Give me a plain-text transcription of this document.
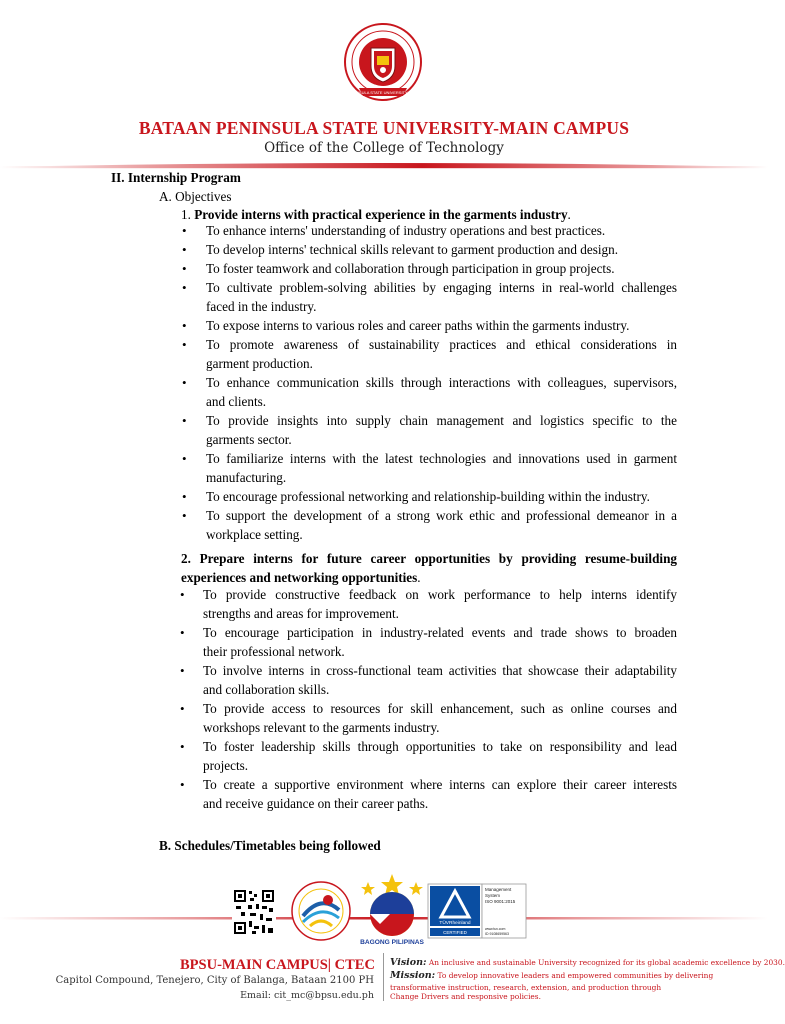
BATAAN PENINSULA STATE UNIVERSITY · PHILIPPINES
BATAAN PENINSULA STATE UNIVERSITY-MAIN CAMPUS
Office of the College of Technology
II. Internship Program
A. Objectives
1. Provide interns with practical experience in the garments industry.
• To enhance interns' understanding of industry operations and best practices.
• To develop interns' technical skills relevant to garment production and design.
• To foster teamwork and collaboration through participation in group projects.
• To cultivate problem-solving abilities by engaging interns in real-world challenges
faced in the industry.
• To expose interns to various roles and career paths within the garments industry.
• To promote awareness of sustainability practices and ethical considerations in
garment production.
• To enhance communication skills through interactions with colleagues, supervisors,
and clients.
• To provide insights into supply chain management and logistics specific to the
garments sector.
• To familiarize interns with the latest technologies and innovations used in garment
manufacturing.
• To encourage professional networking and relationship-building within the industry.
• To support the development of a strong work ethic and professional demeanor in a
workplace setting.
2. Prepare interns for future career opportunities by providing resume-building
experiences and networking opportunities.
• To provide constructive feedback on work performance to help interns identify
strengths and areas for improvement.
• To encourage participation in industry-related events and trade shows to broaden
their professional network.
• To involve interns in cross-functional team activities that showcase their adaptability
and collaboration skills.
• To provide access to resources for skill enhancement, such as online courses and
workshops relevant to the garments industry.
• To foster leadership skills through opportunities to take on responsibility and lead
projects.
• To create a supportive environment where interns can explore their career interests
and receive guidance on their career paths.
B. Schedules/Timetables being followed
BAGONG PILIPINAS
TÜVRheinland
CERTIFIED
Management
System
ISO 9001:2015
www.tuv.com
ID 9108659563
BPSU-MAIN CAMPUS| CTEC
Capitol Compound, Tenejero, City of Balanga, Bataan 2100 PH
Email: cit_mc@bpsu.edu.ph
Vision: An inclusive and sustainable University recognized for its global academic excellence by 2030.
Mission: To develop innovative leaders and empowered communities by delivering
transformative instruction, research, extension, and production through
Change Drivers and responsive policies.
